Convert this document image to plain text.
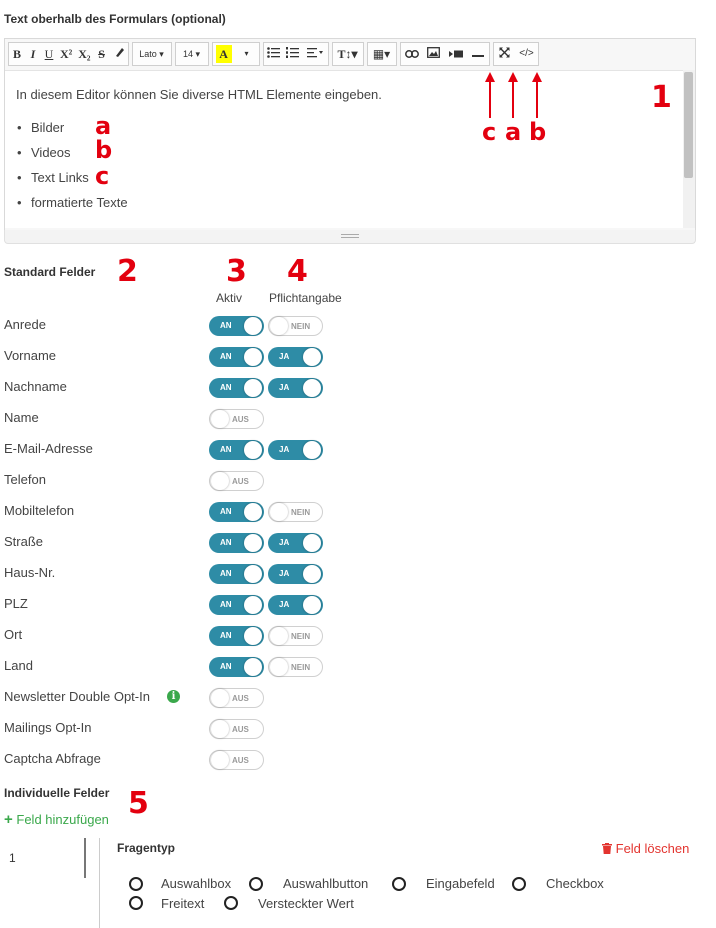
Text oberhalb des Formulars (optional)
B I U X² X₂ S	Lato ▾	14 ▾	A	▾	T↕▾	▦▾	</>
In diesem Editor können Sie diverse HTML Elemente eingeben.
• Bilder
• Videos
• Text Links
• formatierte Texte
a
b
c
c a b
1
Standard Felder 2	3 4
Aktiv Pflichtangabe
Anrede	AN	NEIN
Vorname	AN	JA
Nachname	AN	JA
Name	AUS
E-Mail-Adresse	AN	JA
Telefon	AUS
Mobiltelefon	AN	NEIN
Straße	AN	JA
Haus-Nr.	AN	JA
PLZ	AN	JA
Ort	AN	NEIN
Land	AN	NEIN
Newsletter Double Opt-In	i	AUS
Mailings Opt-In	AUS
Captcha Abfrage	AUS
Individuelle Felder 5
+ Feld hinzufügen
1
Fragentyp	Feld löschen
Auswahlbox	Auswahlbutton	Eingabefeld	Checkbox
Freitext	Versteckter Wert
